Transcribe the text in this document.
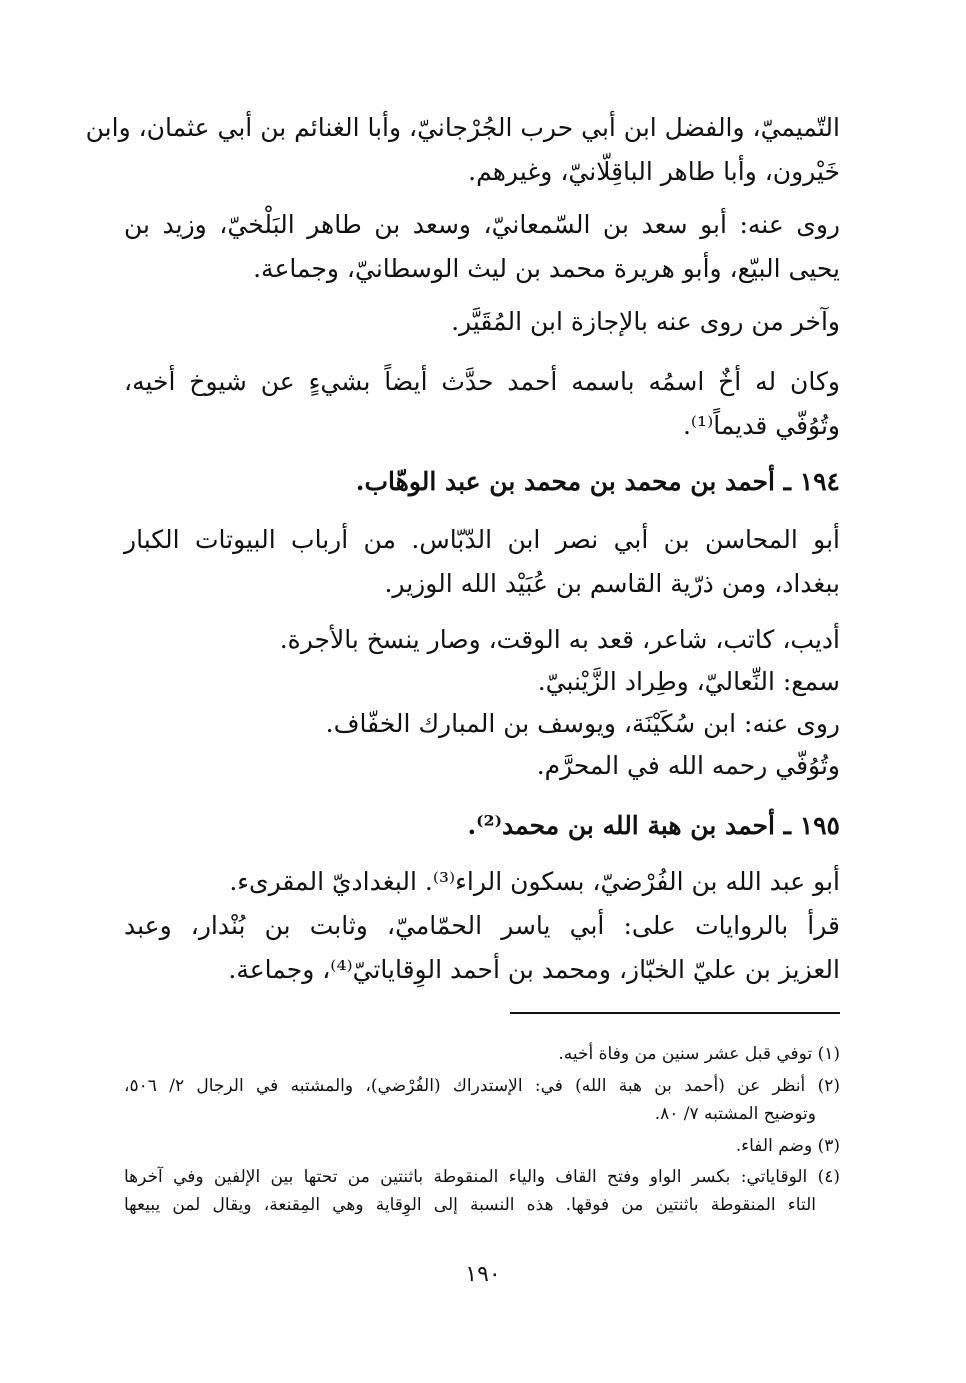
التّميميّ، والفضل ابن أبي حرب الجُرْجانيّ، وأبا الغنائم بن أبي عثمان، وابن
خَيْرون، وأبا طاهر الباقِلّانيّ، وغيرهم.
روى عنه: أبو سعد بن السّمعانيّ، وسعد بن طاهر البَلْخيّ، وزيد بن
يحيى البيّع، وأبو هريرة محمد بن ليث الوسطانيّ، وجماعة.
وآخر من روى عنه بالإجازة ابن المُقَيَّر.
وكان له أخٌ اسمُه باسمه أحمد حدَّث أيضاً بشيءٍ عن شيوخ أخيه،
وتُوُفّي قديماً⁽¹⁾.
١٩٤ ـ أحمد بن محمد بن محمد بن عبد الوهّاب.
أبو المحاسن بن أبي نصر ابن الدّبّاس. من أرباب البيوتات الكبار
ببغداد، ومن ذرّية القاسم بن عُبَيْد الله الوزير.
أديب، كاتب، شاعر، قعد به الوقت، وصار ينسخ بالأجرة.
سمع: النِّعاليّ، وطِراد الزَّيْنبيّ.
روى عنه: ابن سُكَيْنَة، ويوسف بن المبارك الخفّاف.
وتُوُفّي رحمه الله في المحرَّم.
١٩٥ ـ أحمد بن هبة الله بن محمد⁽²⁾.
أبو عبد الله بن الفُرْضيّ، بسكون الراء⁽³⁾. البغداديّ المقرىء.
قرأ بالروايات على: أبي ياسر الحمّاميّ، وثابت بن بُنْدار، وعبد
العزيز بن عليّ الخبّاز، ومحمد بن أحمد الوِقاياتيّ⁽⁴⁾، وجماعة.
(١) توفي قبل عشر سنين من وفاة أخيه.
(٢) أنظر عن (أحمد بن هبة الله) في: الإستدراك (الفُرْضي)، والمشتبه في الرجال ٢/ ٥٠٦،
وتوضيح المشتبه ٧/ ٨٠.
(٣) وضم الفاء.
(٤) الوقاياتي: بكسر الواو وفتح القاف والياء المنقوطة باثنتين من تحتها بين الإلفين وفي آخرها
التاء المنقوطة باثنتين من فوقها. هذه النسبة إلى الوِقاية وهي المِقنعة، ويقال لمن يبيعها
١٩٠
